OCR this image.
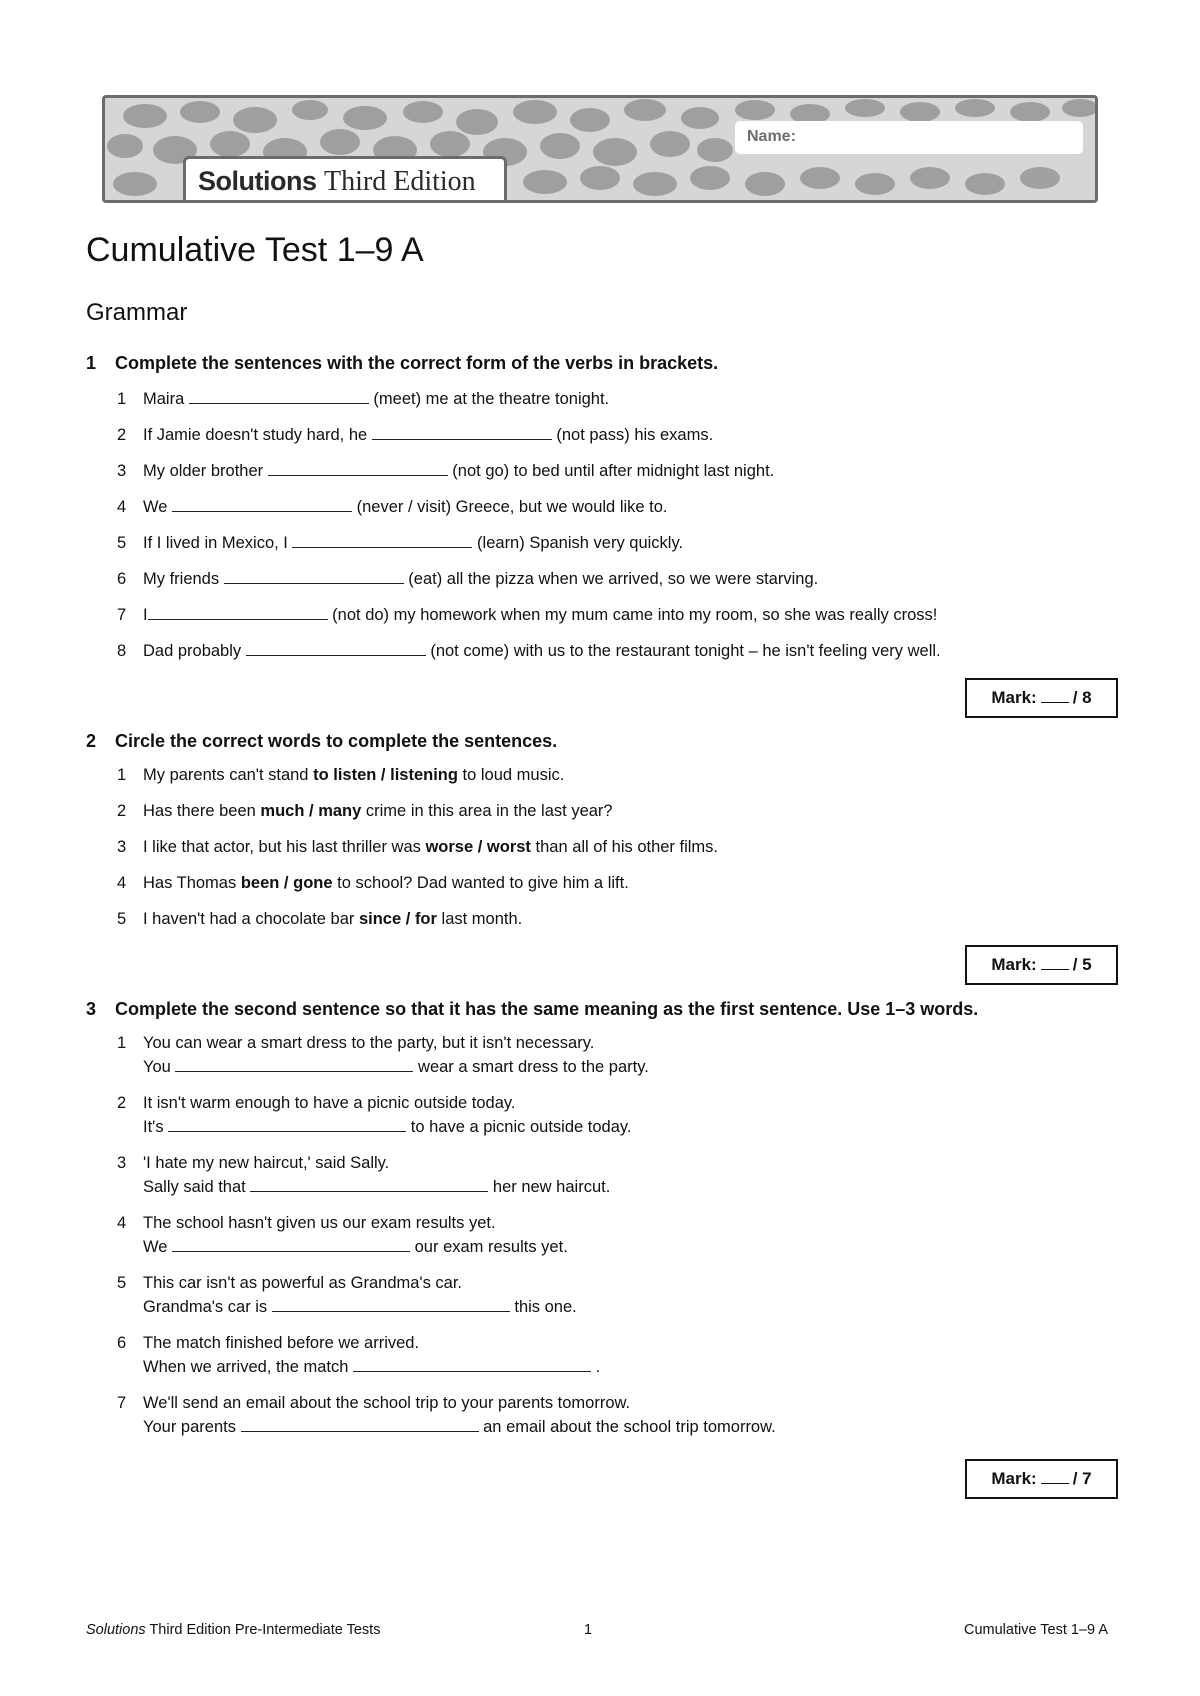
Solutions Third Edition
Name:
Cumulative Test 1–9 A
Grammar
1 Complete the sentences with the correct form of the verbs in brackets.
1 Maira	(meet) me at the theatre tonight.
2 If Jamie doesn't study hard, he	(not pass) his exams.
3 My older brother	(not go) to bed until after midnight last night.
4 We	(never / visit) Greece, but we would like to.
5 If I lived in Mexico, I	(learn) Spanish very quickly.
6 My friends	(eat) all the pizza when we arrived, so we were starving.
7 I	(not do) my homework when my mum came into my room, so she was really cross!
8 Dad probably	(not come) with us to the restaurant tonight – he isn't feeling very well.
Mark: / 8
2 Circle the correct words to complete the sentences.
1 My parents can't stand to listen / listening to loud music.
2 Has there been much / many crime in this area in the last year?
3 I like that actor, but his last thriller was worse / worst than all of his other films.
4 Has Thomas been / gone to school? Dad wanted to give him a lift.
5 I haven't had a chocolate bar since / for last month.
Mark: / 5
3 Complete the second sentence so that it has the same meaning as the first sentence. Use 1–3 words.
1 You can wear a smart dress to the party, but it isn't necessary.
You	wear a smart dress to the party.
2 It isn't warm enough to have a picnic outside today.
It's	to have a picnic outside today.
3 'I hate my new haircut,' said Sally.
Sally said that	her new haircut.
4 The school hasn't given us our exam results yet.
We	our exam results yet.
5 This car isn't as powerful as Grandma's car.
Grandma's car is	this one.
6 The match finished before we arrived.
When we arrived, the match	.
7 We'll send an email about the school trip to your parents tomorrow.
Your parents	an email about the school trip tomorrow.
Mark: / 7
Solutions Third Edition Pre-Intermediate Tests	1	Cumulative Test 1–9 A
